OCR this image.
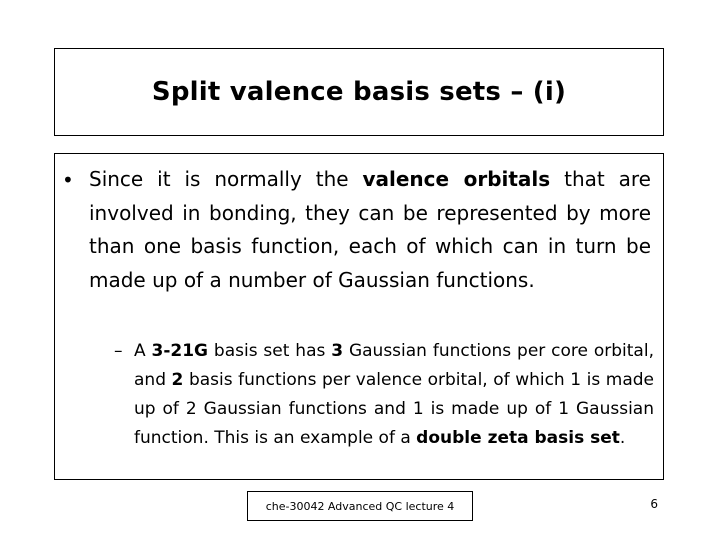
Split valence basis sets – (i)
• Since it is normally the valence orbitals that are involved in bonding, they can be represented by more than one basis function, each of which can in turn be made up of a number of Gaussian functions.
– A 3-21G basis set has 3 Gaussian functions per core orbital, and 2 basis functions per valence orbital, of which 1 is made up of 2 Gaussian functions and 1 is made up of 1 Gaussian function. This is an example of a double zeta basis set.
che-30042 Advanced QC lecture 4	6
